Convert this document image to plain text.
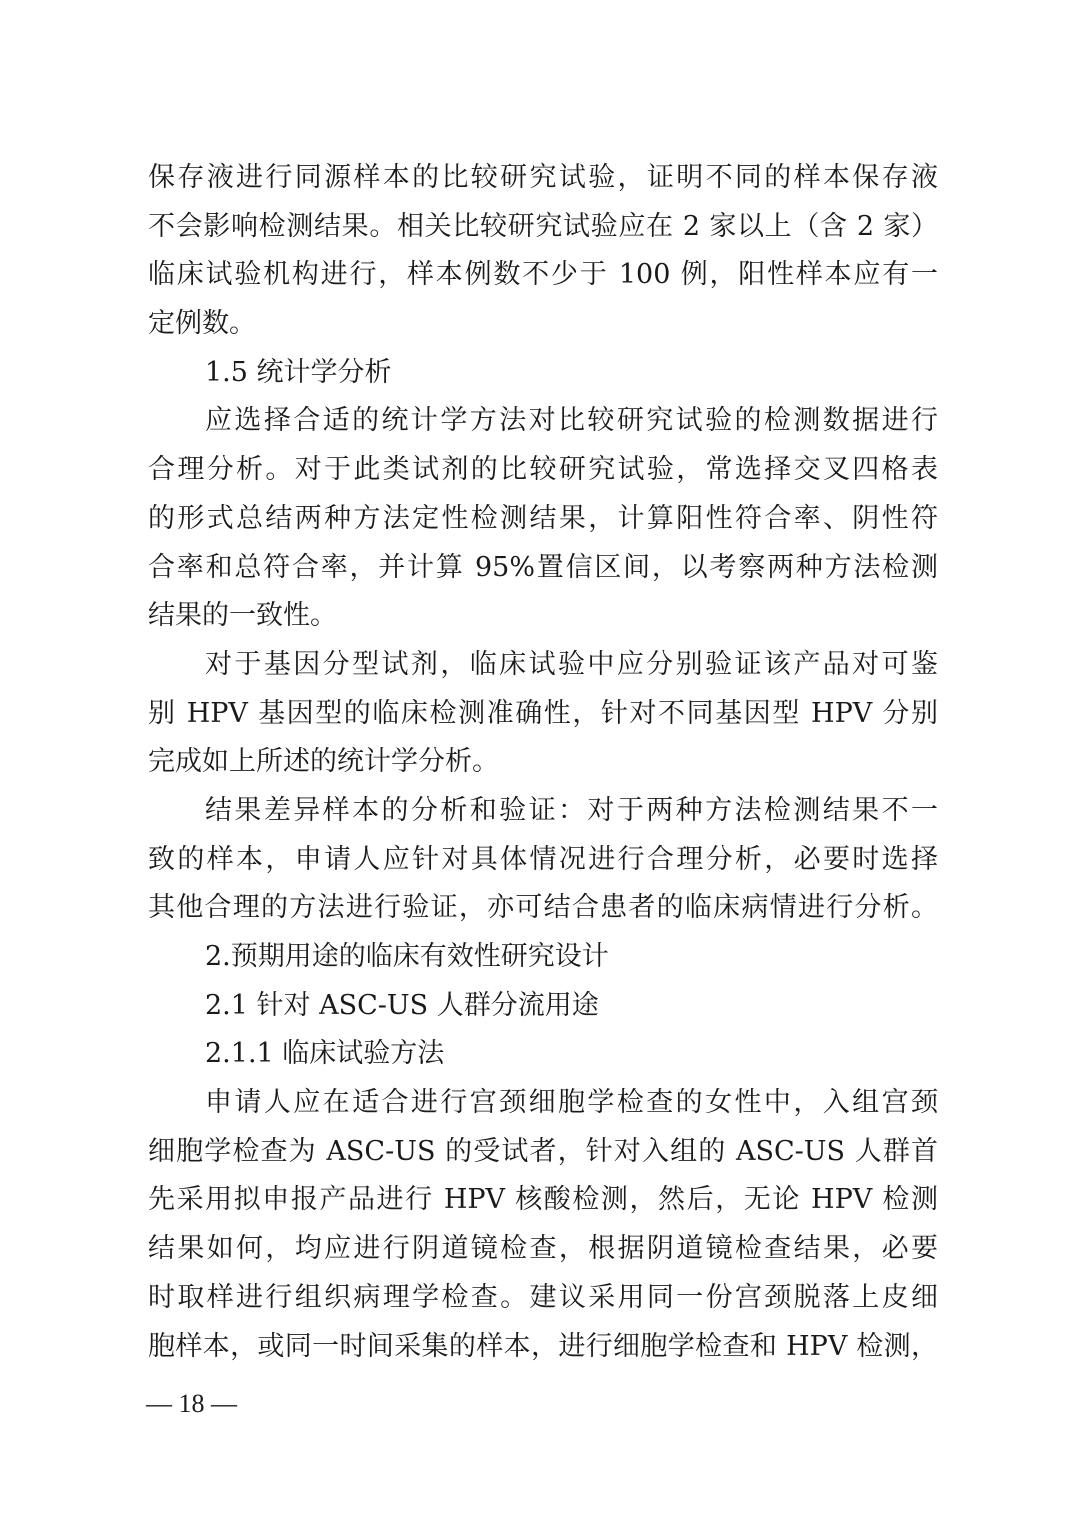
保存液进行同源样本的比较研究试验，证明不同的样本保存液
不会影响检测结果。相关比较研究试验应在 2 家以上（含 2 家）
临床试验机构进行，样本例数不少于 100 例，阳性样本应有一
定例数。
1.5 统计学分析
应选择合适的统计学方法对比较研究试验的检测数据进行
合理分析。对于此类试剂的比较研究试验，常选择交叉四格表
的形式总结两种方法定性检测结果，计算阳性符合率、阴性符
合率和总符合率，并计算 95%置信区间，以考察两种方法检测
结果的一致性。
对于基因分型试剂，临床试验中应分别验证该产品对可鉴
别 HPV 基因型的临床检测准确性，针对不同基因型 HPV 分别
完成如上所述的统计学分析。
结果差异样本的分析和验证：对于两种方法检测结果不一
致的样本，申请人应针对具体情况进行合理分析，必要时选择
其他合理的方法进行验证，亦可结合患者的临床病情进行分析。
2.预期用途的临床有效性研究设计
2.1 针对 ASC-US 人群分流用途
2.1.1 临床试验方法
申请人应在适合进行宫颈细胞学检查的女性中，入组宫颈
细胞学检查为 ASC-US 的受试者，针对入组的 ASC-US 人群首
先采用拟申报产品进行 HPV 核酸检测，然后，无论 HPV 检测
结果如何，均应进行阴道镜检查，根据阴道镜检查结果，必要
时取样进行组织病理学检查。建议采用同一份宫颈脱落上皮细
胞样本，或同一时间采集的样本，进行细胞学检查和 HPV 检测，
— 18 —
